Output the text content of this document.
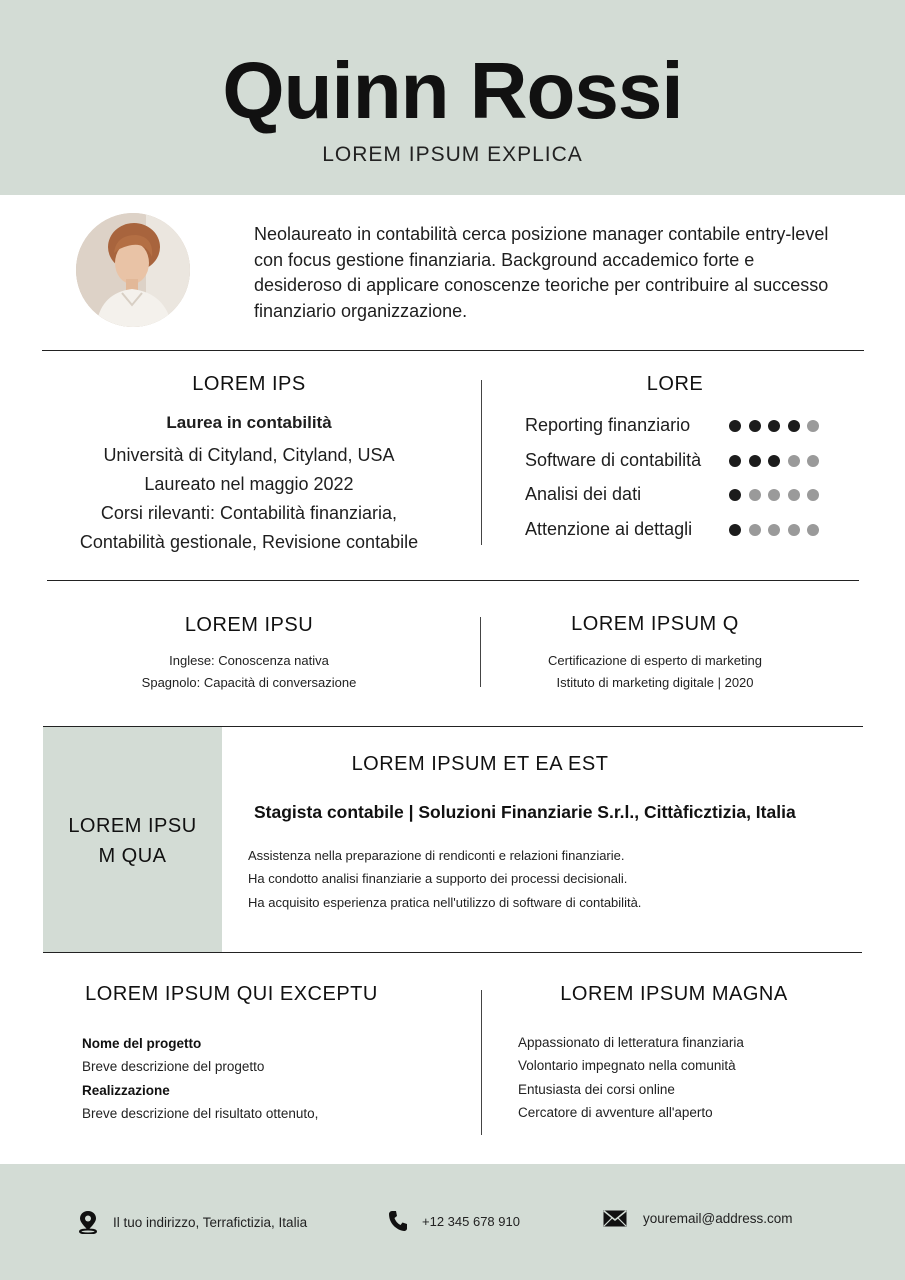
Quinn Rossi
LOREM IPSUM EXPLICA
Neolaureato in contabilità cerca posizione manager contabile entry-level con focus gestione finanziaria. Background accademico forte e desideroso di applicare conoscenze teoriche per contribuire al successo finanziario organizzazione.
LOREM IPS
Laurea in contabilità
Università di Cityland, Cityland, USA
Laureato nel maggio 2022
Corsi rilevanti: Contabilità finanziaria,
Contabilità gestionale, Revisione contabile
LORE
Reporting finanziario
Software di contabilità
Analisi dei dati
Attenzione ai dettagli
LOREM IPSU
Inglese: Conoscenza nativa
Spagnolo: Capacità di conversazione
LOREM IPSUM Q
Certificazione di esperto di marketing
Istituto di marketing digitale | 2020
LOREM IPSU
M QUA
LOREM IPSUM ET EA EST
Stagista contabile | Soluzioni Finanziarie S.r.l., Cittàficztizia, Italia
Assistenza nella preparazione di rendiconti e relazioni finanziarie.
Ha condotto analisi finanziarie a supporto dei processi decisionali.
Ha acquisito esperienza pratica nell'utilizzo di software di contabilità.
LOREM IPSUM QUI EXCEPTU
Nome del progetto
Breve descrizione del progetto
Realizzazione
Breve descrizione del risultato ottenuto,
LOREM IPSUM MAGNA
Appassionato di letteratura finanziaria
Volontario impegnato nella comunità
Entusiasta dei corsi online
Cercatore di avventure all'aperto
Il tuo indirizzo, Terrafictizia, Italia	+12 345 678 910	youremail@address.com
